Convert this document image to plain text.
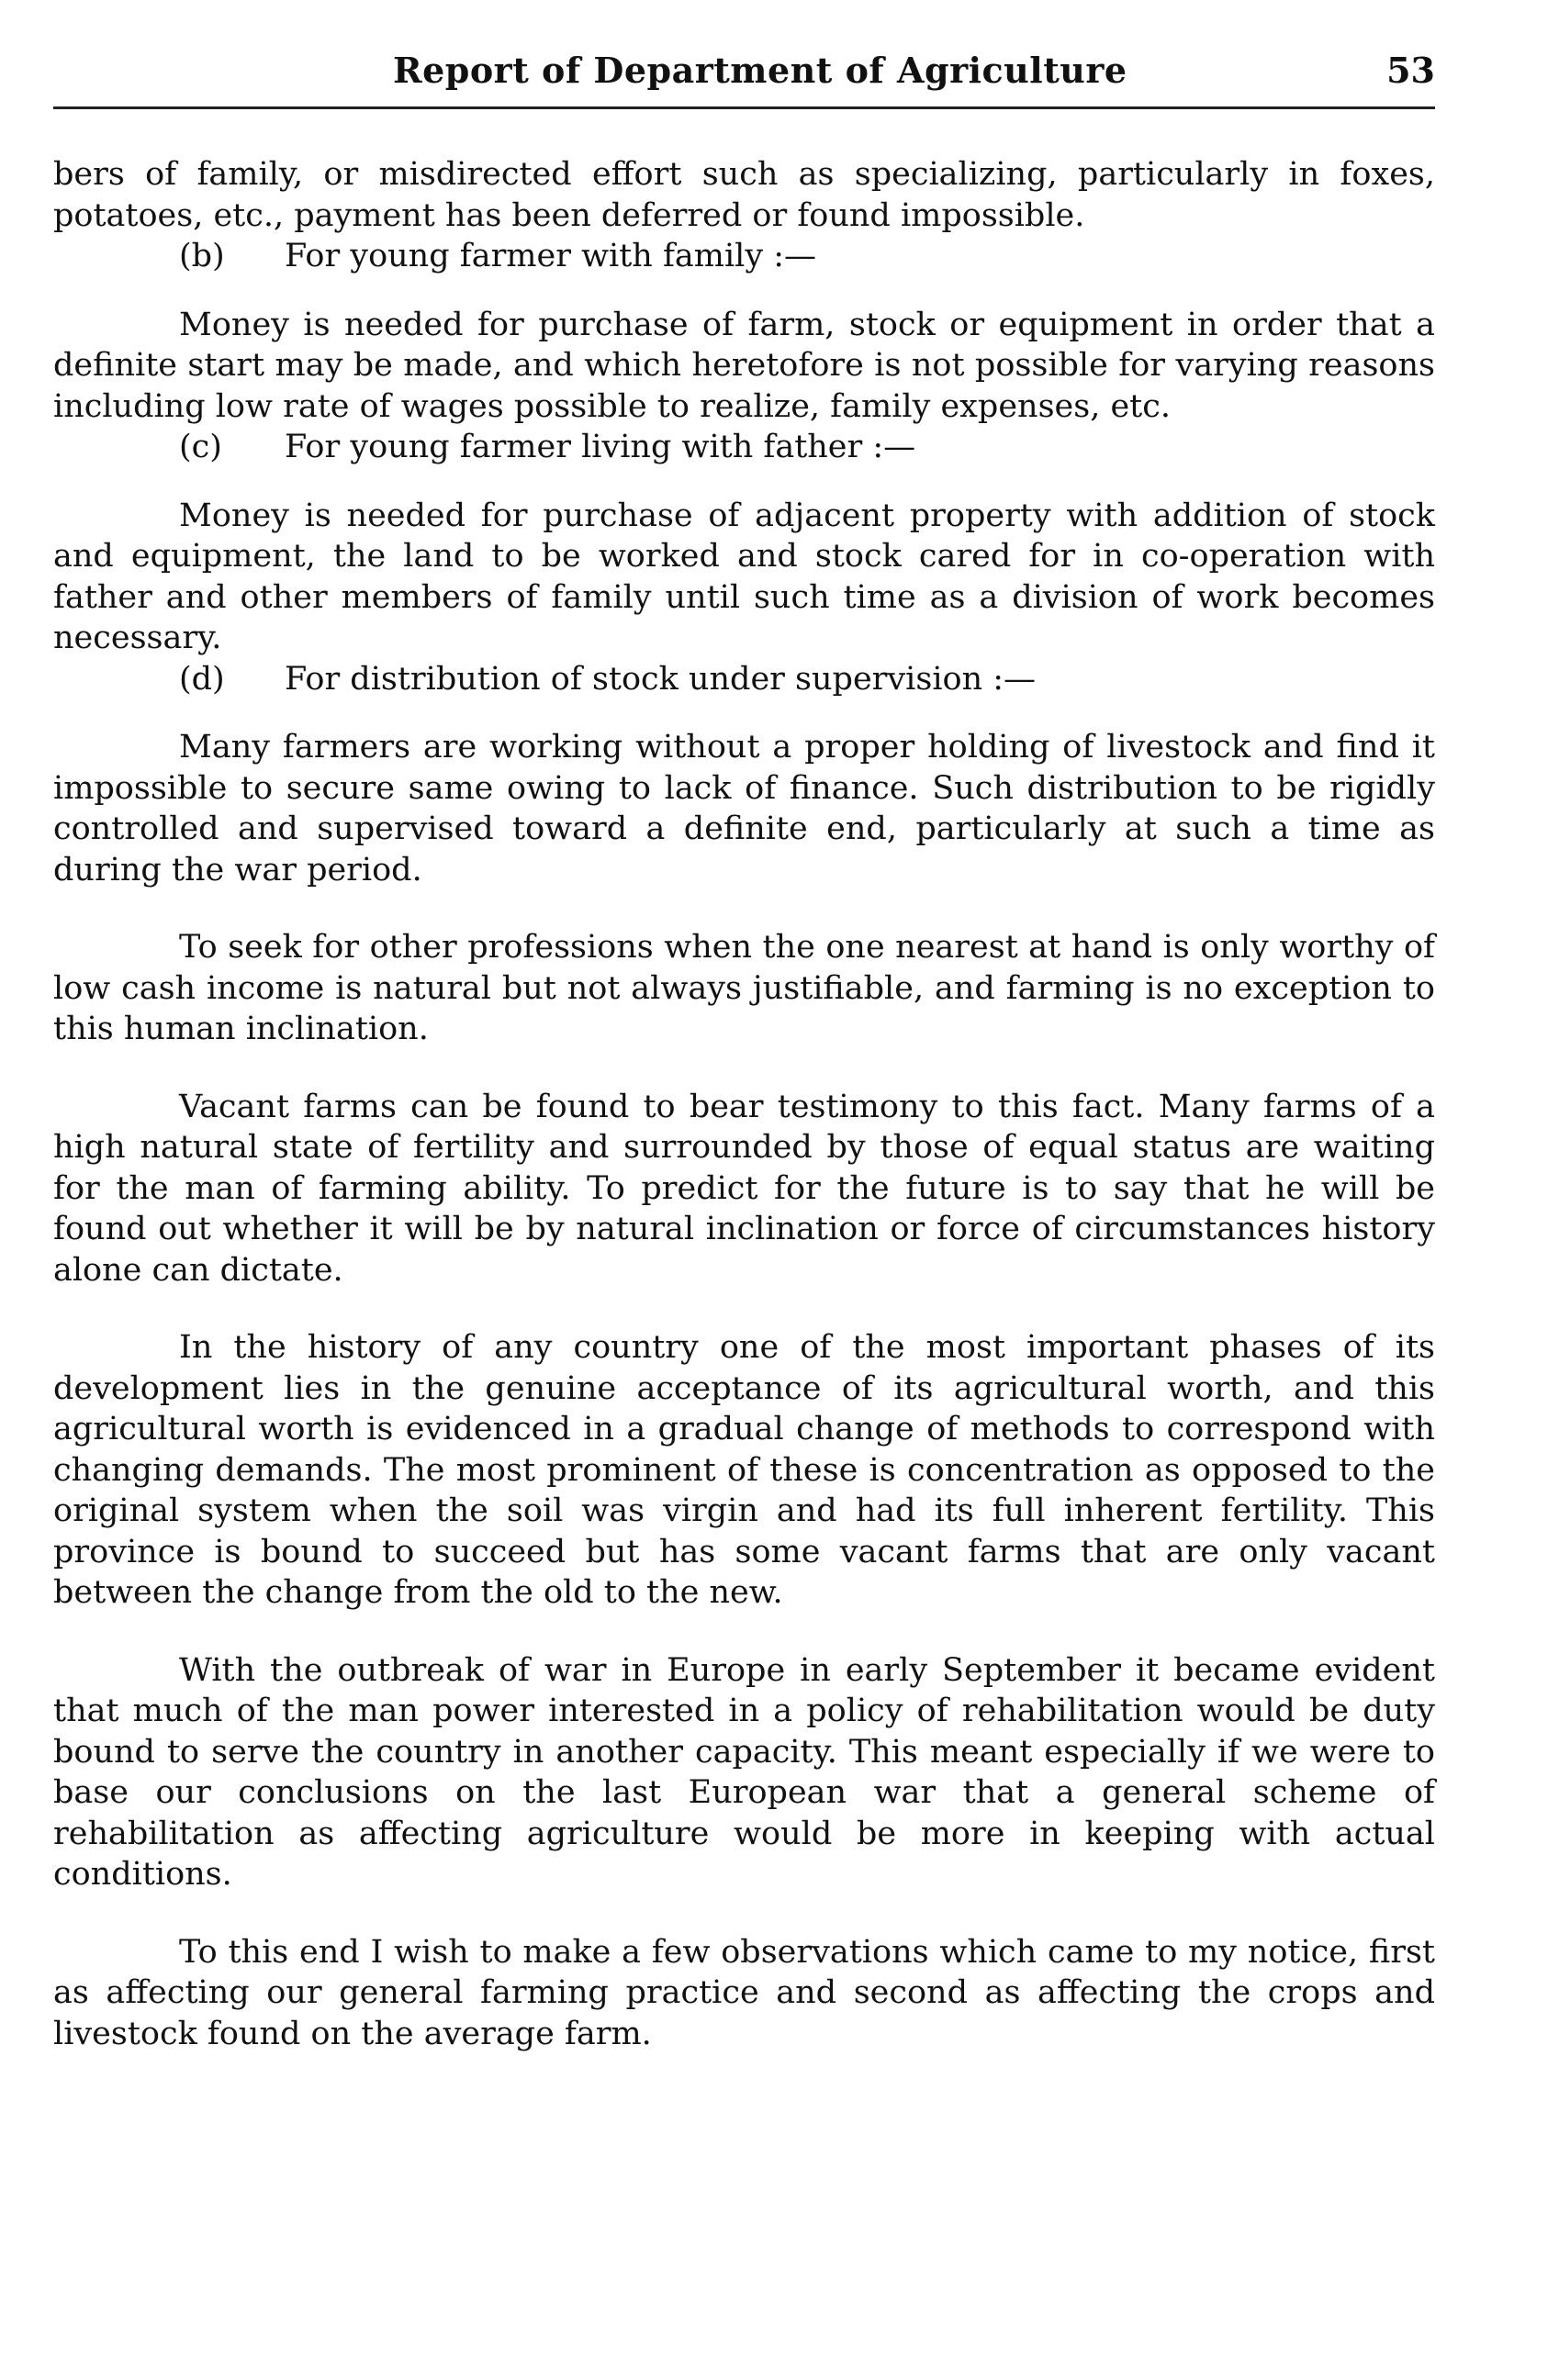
Report of Department of Agriculture	53

bers of family, or misdirected effort such as specializing, particularly in foxes, potatoes, etc., payment has been deferred or found impossible.

(b) For young farmer with family :—

Money is needed for purchase of farm, stock or equipment in order that a definite start may be made, and which heretofore is not possible for varying reasons including low rate of wages possible to realize, family expenses, etc.

(c) For young farmer living with father :—

Money is needed for purchase of adjacent property with addition of stock and equipment, the land to be worked and stock cared for in co-operation with father and other members of family until such time as a division of work becomes necessary.

(d) For distribution of stock under supervision :—

Many farmers are working without a proper holding of livestock and find it impossible to secure same owing to lack of finance. Such distribution to be rigidly controlled and supervised toward a definite end, particularly at such a time as during the war period.

To seek for other professions when the one nearest at hand is only worthy of low cash income is natural but not always justifiable, and farming is no exception to this human inclination.

Vacant farms can be found to bear testimony to this fact. Many farms of a high natural state of fertility and surrounded by those of equal status are waiting for the man of farming ability. To predict for the future is to say that he will be found out whether it will be by natural inclination or force of circumstances history alone can dictate.

In the history of any country one of the most important phases of its development lies in the genuine acceptance of its agricultural worth, and this agricultural worth is evidenced in a gradual change of methods to correspond with changing demands. The most prominent of these is concentration as opposed to the original system when the soil was virgin and had its full inherent fertility. This province is bound to succeed but has some vacant farms that are only vacant between the change from the old to the new.

With the outbreak of war in Europe in early September it became evident that much of the man power interested in a policy of rehabilitation would be duty bound to serve the country in another capacity. This meant especially if we were to base our conclusions on the last European war that a general scheme of rehabilitation as affecting agriculture would be more in keeping with actual conditions.

To this end I wish to make a few observations which came to my notice, first as affecting our general farming practice and second as affecting the crops and livestock found on the average farm.
